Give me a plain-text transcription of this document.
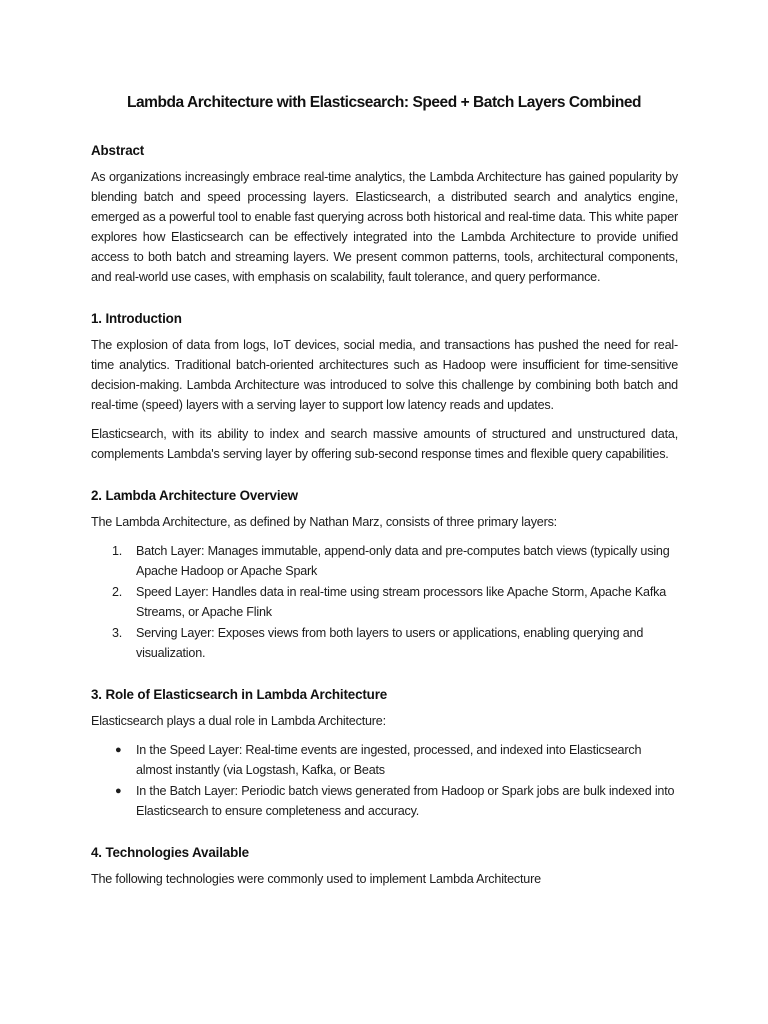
Lambda Architecture with Elasticsearch: Speed + Batch Layers Combined
Abstract

As organizations increasingly embrace real-time analytics, the Lambda Architecture has gained popularity by blending batch and speed processing layers. Elasticsearch, a distributed search and analytics engine, emerged as a powerful tool to enable fast querying across both historical and real-time data. This white paper explores how Elasticsearch can be effectively integrated into the Lambda Architecture to provide unified access to both batch and streaming layers. We present common patterns, tools, architectural components, and real-world use cases, with emphasis on scalability, fault tolerance, and query performance.

1. Introduction

The explosion of data from logs, IoT devices, social media, and transactions has pushed the need for real-time analytics. Traditional batch-oriented architectures such as Hadoop were insufficient for time-sensitive decision-making. Lambda Architecture was introduced to solve this challenge by combining both batch and real-time (speed) layers with a serving layer to support low latency reads and updates.

Elasticsearch, with its ability to index and search massive amounts of structured and unstructured data, complements Lambda's serving layer by offering sub-second response times and flexible query capabilities.

2. Lambda Architecture Overview

The Lambda Architecture, as defined by Nathan Marz, consists of three primary layers:

1.	Batch Layer: Manages immutable, append-only data and pre-computes batch views (typically using Apache Hadoop or Apache Spark
2.	Speed Layer: Handles data in real-time using stream processors like Apache Storm, Apache Kafka Streams, or Apache Flink
3.	Serving Layer: Exposes views from both layers to users or applications, enabling querying and visualization.
3. Role of Elasticsearch in Lambda Architecture

Elasticsearch plays a dual role in Lambda Architecture:

●	In the Speed Layer: Real-time events are ingested, processed, and indexed into Elasticsearch almost instantly (via Logstash, Kafka, or Beats
●	In the Batch Layer: Periodic batch views generated from Hadoop or Spark jobs are bulk indexed into Elasticsearch to ensure completeness and accuracy.
4. Technologies Available

The following technologies were commonly used to implement Lambda Architecture
